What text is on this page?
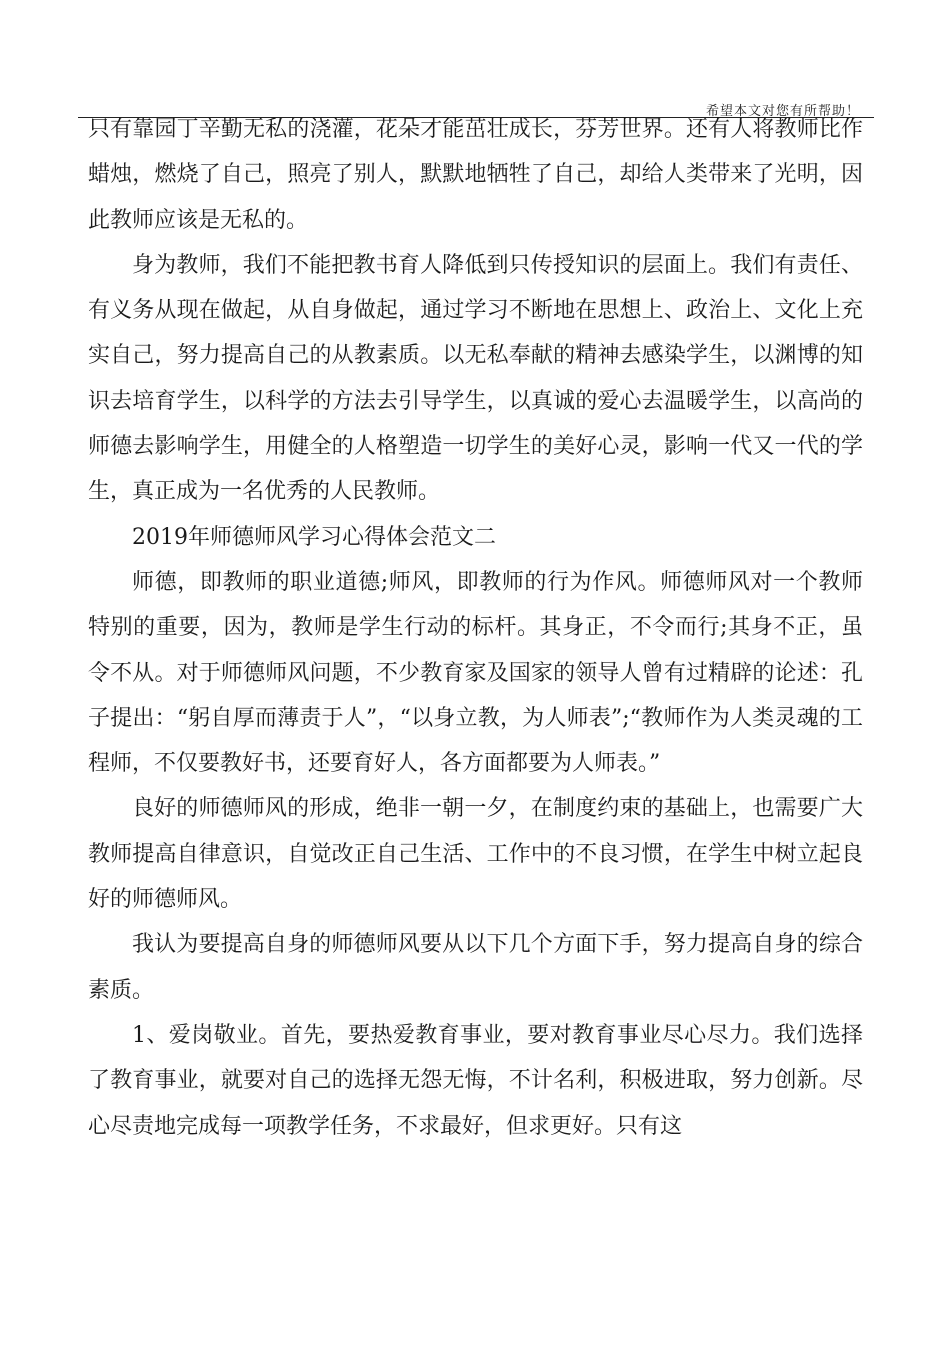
希望本文对您有所帮助！

只有靠园丁辛勤无私的浇灌，花朵才能茁壮成长，芬芳世界。还有人将教师比作蜡烛，燃烧了自己，照亮了别人，默默地牺牲了自己，却给人类带来了光明，因此教师应该是无私的。

身为教师，我们不能把教书育人降低到只传授知识的层面上。我们有责任、有义务从现在做起，从自身做起，通过学习不断地在思想上、政治上、文化上充实自己，努力提高自己的从教素质。以无私奉献的精神去感染学生，以渊博的知识去培育学生，以科学的方法去引导学生，以真诚的爱心去温暖学生，以高尚的师德去影响学生，用健全的人格塑造一切学生的美好心灵，影响一代又一代的学生，真正成为一名优秀的人民教师。

2019年师德师风学习心得体会范文二

师德，即教师的职业道德;师风，即教师的行为作风。师德师风对一个教师特别的重要，因为，教师是学生行动的标杆。其身正，不令而行;其身不正，虽令不从。对于师德师风问题，不少教育家及国家的领导人曾有过精辟的论述：孔子提出：“躬自厚而薄责于人”，“以身立教，为人师表”;“教师作为人类灵魂的工程师，不仅要教好书，还要育好人，各方面都要为人师表。”

良好的师德师风的形成，绝非一朝一夕，在制度约束的基础上，也需要广大教师提高自律意识，自觉改正自己生活、工作中的不良习惯，在学生中树立起良好的师德师风。

我认为要提高自身的师德师风要从以下几个方面下手，努力提高自身的综合素质。

1、爱岗敬业。首先，要热爱教育事业，要对教育事业尽心尽力。我们选择了教育事业，就要对自己的选择无怨无悔，不计名利，积极进取，努力创新。尽心尽责地完成每一项教学任务，不求最好，但求更好。只有这
